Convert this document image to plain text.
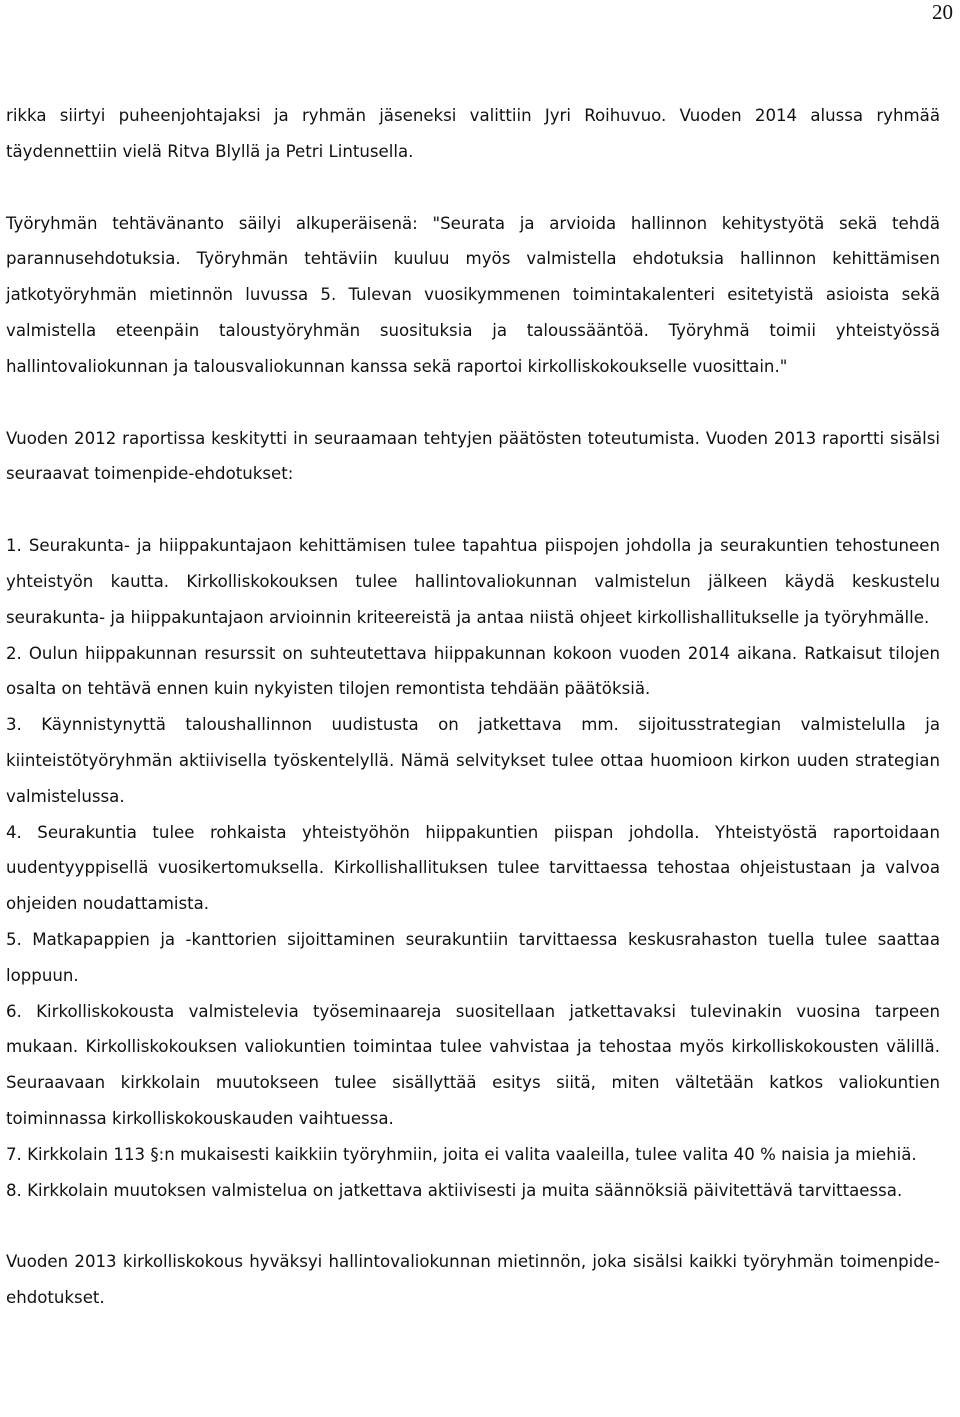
20

rikka siirtyi puheenjohtajaksi ja ryhmän jäseneksi valittiin Jyri Roihuvuo. Vuoden 2014 alussa ryhmää täydennettiin vielä Ritva Blyllä ja Petri Lintusella.

Työryhmän tehtävänanto säilyi alkuperäisenä: "Seurata ja arvioida hallinnon kehitystyötä sekä tehdä parannusehdotuksia. Työryhmän tehtäviin kuuluu myös valmistella ehdotuksia hallinnon kehittämisen jatkotyöryhmän mietinnön luvussa 5. Tulevan vuosikymmenen toimintakalenteri esitetyistä asioista sekä valmistella eteenpäin taloustyöryhmän suosituksia ja taloussääntöä. Työryhmä toimii yhteistyössä hallintovaliokunnan ja talousvaliokunnan kanssa sekä raportoi kirkolliskokoukselle vuosittain."

Vuoden 2012 raportissa keskitytti in seuraamaan tehtyjen päätösten toteutumista. Vuoden 2013 raportti sisälsi seuraavat toimenpide-ehdotukset:

1. Seurakunta- ja hiippakuntajaon kehittämisen tulee tapahtua piispojen johdolla ja seurakuntien tehostuneen yhteistyön kautta. Kirkolliskokouksen tulee hallintovaliokunnan valmistelun jälkeen käydä keskustelu seurakunta- ja hiippakuntajaon arvioinnin kriteereistä ja antaa niistä ohjeet kirkollishallitukselle ja työryhmälle.

2. Oulun hiippakunnan resurssit on suhteutettava hiippakunnan kokoon vuoden 2014 aikana. Ratkaisut tilojen osalta on tehtävä ennen kuin nykyisten tilojen remontista tehdään päätöksiä.

3. Käynnistynyttä taloushallinnon uudistusta on jatkettava mm. sijoitusstrategian valmistelulla ja kiinteistötyöryhmän aktiivisella työskentelyllä. Nämä selvitykset tulee ottaa huomioon kirkon uuden strategian valmistelussa.

4. Seurakuntia tulee rohkaista yhteistyöhön hiippakuntien piispan johdolla. Yhteistyöstä raportoidaan uudentyyppisellä vuosikertomuksella. Kirkollishallituksen tulee tarvittaessa tehostaa ohjeistustaan ja valvoa ohjeiden noudattamista.

5. Matkapappien ja -kanttorien sijoittaminen seurakuntiin tarvittaessa keskusrahaston tuella tulee saattaa loppuun.

6. Kirkolliskokousta valmistelevia työseminaareja suositellaan jatkettavaksi tulevinakin vuosina tarpeen mukaan. Kirkolliskokouksen valiokuntien toimintaa tulee vahvistaa ja tehostaa myös kirkolliskokousten välillä. Seuraavaan kirkkolain muutokseen tulee sisällyttää esitys siitä, miten vältetään katkos valiokuntien toiminnassa kirkolliskokouskauden vaihtuessa.

7. Kirkkolain 113 §:n mukaisesti kaikkiin työryhmiin, joita ei valita vaaleilla, tulee valita 40 % naisia ja miehiä.

8. Kirkkolain muutoksen valmistelua on jatkettava aktiivisesti ja muita säännöksiä päivitettävä tarvittaessa.

Vuoden 2013 kirkolliskokous hyväksyi hallintovaliokunnan mietinnön, joka sisälsi kaikki työryhmän toimenpide-ehdotukset.
